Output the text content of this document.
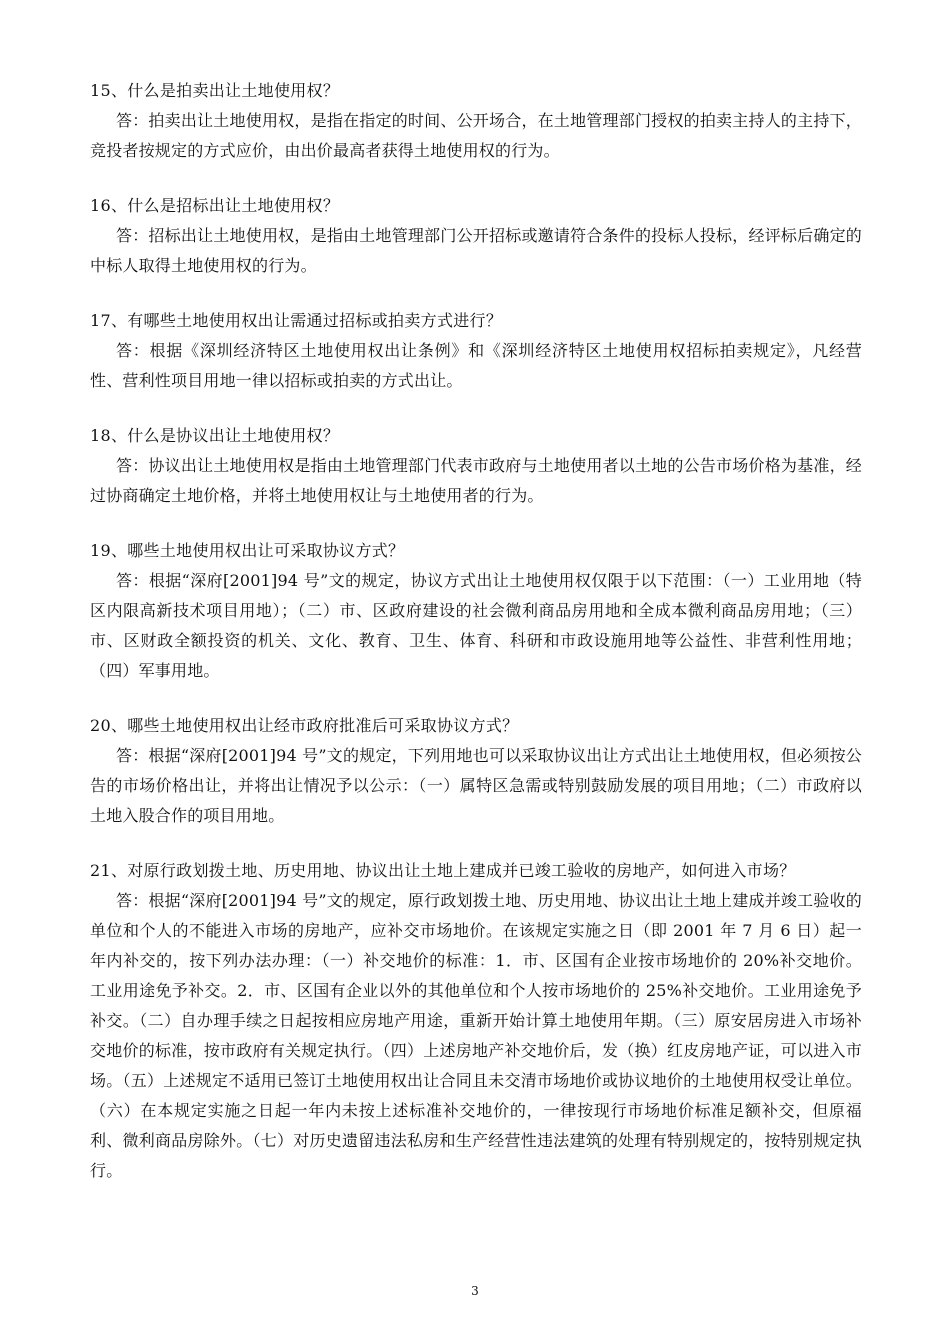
15、什么是拍卖出让土地使用权？

答：拍卖出让土地使用权，是指在指定的时间、公开场合，在土地管理部门授权的拍卖主持人的主持下，竞投者按规定的方式应价，由出价最高者获得土地使用权的行为。

16、什么是招标出让土地使用权？

答：招标出让土地使用权，是指由土地管理部门公开招标或邀请符合条件的投标人投标，经评标后确定的中标人取得土地使用权的行为。

17、有哪些土地使用权出让需通过招标或拍卖方式进行？

答：根据《深圳经济特区土地使用权出让条例》和《深圳经济特区土地使用权招标拍卖规定》，凡经营性、营利性项目用地一律以招标或拍卖的方式出让。

18、什么是协议出让土地使用权？

答：协议出让土地使用权是指由土地管理部门代表市政府与土地使用者以土地的公告市场价格为基准，经过协商确定土地价格，并将土地使用权让与土地使用者的行为。

19、哪些土地使用权出让可采取协议方式？

答：根据“深府[2001]94 号”文的规定，协议方式出让土地使用权仅限于以下范围：（一）工业用地（特区内限高新技术项目用地）；（二）市、区政府建设的社会微利商品房用地和全成本微利商品房用地；（三）市、区财政全额投资的机关、文化、教育、卫生、体育、科研和市政设施用地等公益性、非营利性用地；（四）军事用地。

20、哪些土地使用权出让经市政府批准后可采取协议方式？

答：根据“深府[2001]94 号”文的规定，下列用地也可以采取协议出让方式出让土地使用权，但必须按公告的市场价格出让，并将出让情况予以公示：（一）属特区急需或特别鼓励发展的项目用地；（二）市政府以土地入股合作的项目用地。

21、对原行政划拨土地、历史用地、协议出让土地上建成并已竣工验收的房地产，如何进入市场？

答：根据“深府[2001]94 号”文的规定，原行政划拨土地、历史用地、协议出让土地上建成并竣工验收的单位和个人的不能进入市场的房地产，应补交市场地价。在该规定实施之日（即 2001 年 7 月 6 日）起一年内补交的，按下列办法办理：（一）补交地价的标准：1．市、区国有企业按市场地价的 20%补交地价。工业用途免予补交。2．市、区国有企业以外的其他单位和个人按市场地价的 25%补交地价。工业用途免予补交。（二）自办理手续之日起按相应房地产用途，重新开始计算土地使用年期。（三）原安居房进入市场补交地价的标准，按市政府有关规定执行。（四）上述房地产补交地价后，发（换）红皮房地产证，可以进入市场。（五）上述规定不适用已签订土地使用权出让合同且未交清市场地价或协议地价的土地使用权受让单位。（六）在本规定实施之日起一年内未按上述标准补交地价的，一律按现行市场地价标准足额补交，但原福利、微利商品房除外。（七）对历史遗留违法私房和生产经营性违法建筑的处理有特别规定的，按特别规定执行。

3
